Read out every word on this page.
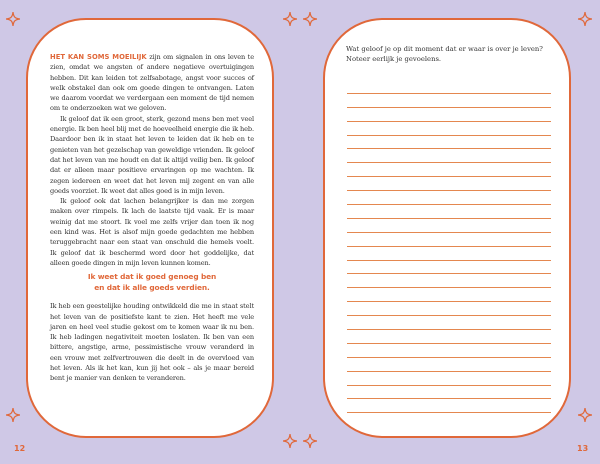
HET KAN SOMS MOEILIJK zijn om signalen in ons leven te zien, omdat we angsten of andere negatieve overtuigingen hebben. Dit kan leiden tot zelfsabotage, angst voor succes of welk obstakel dan ook om goede dingen te ontvangen. Laten we daarom voordat we verdergaan een moment de tijd nemen om te onderzoeken wat we geloven.

Ik geloof dat ik een groot, sterk, gezond mens ben met veel energie. Ik ben heel blij met de hoeveelheid energie die ik heb. Daardoor ben ik in staat het leven te leiden dat ik heb en te genieten van het gezelschap van geweldige vrienden. Ik geloof dat het leven van me houdt en dat ik altijd veilig ben. Ik geloof dat er alleen maar positieve ervaringen op me wachten. Ik zegen iedereen en weet dat het leven mij zegent en van alle goeds voorziet. Ik weet dat alles goed is in mijn leven.

Ik geloof ook dat lachen belangrijker is dan me zorgen maken over rimpels. Ik lach de laatste tijd vaak. Er is maar weinig dat me stoort. Ik voel me zelfs vrijer dan toen ik nog een kind was. Het is alsof mijn goede gedachten me hebben teruggebracht naar een staat van onschuld die hemels voelt. Ik geloof dat ik beschermd word door het goddelijke, dat alleen goede dingen in mijn leven kunnen komen.

Ik weet dat ik goed genoeg ben
en dat ik alle goeds verdien.

Ik heb een geestelijke houding ontwikkeld die me in staat stelt het leven van de positiefste kant te zien. Het heeft me vele jaren en heel veel studie gekost om te komen waar ik nu ben. Ik heb ladingen negativiteit moeten loslaten. Ik ben van een bittere, angstige, arme, pessimistische vrouw veranderd in een vrouw met zelfvertrouwen die deelt in de overvloed van het leven. Als ik het kan, kun jij het ook – als je maar bereid bent je manier van denken te veranderen.

12
Wat geloof je op dit moment dat er waar is over je leven? Noteer eerlijk je gevoelens.
13
